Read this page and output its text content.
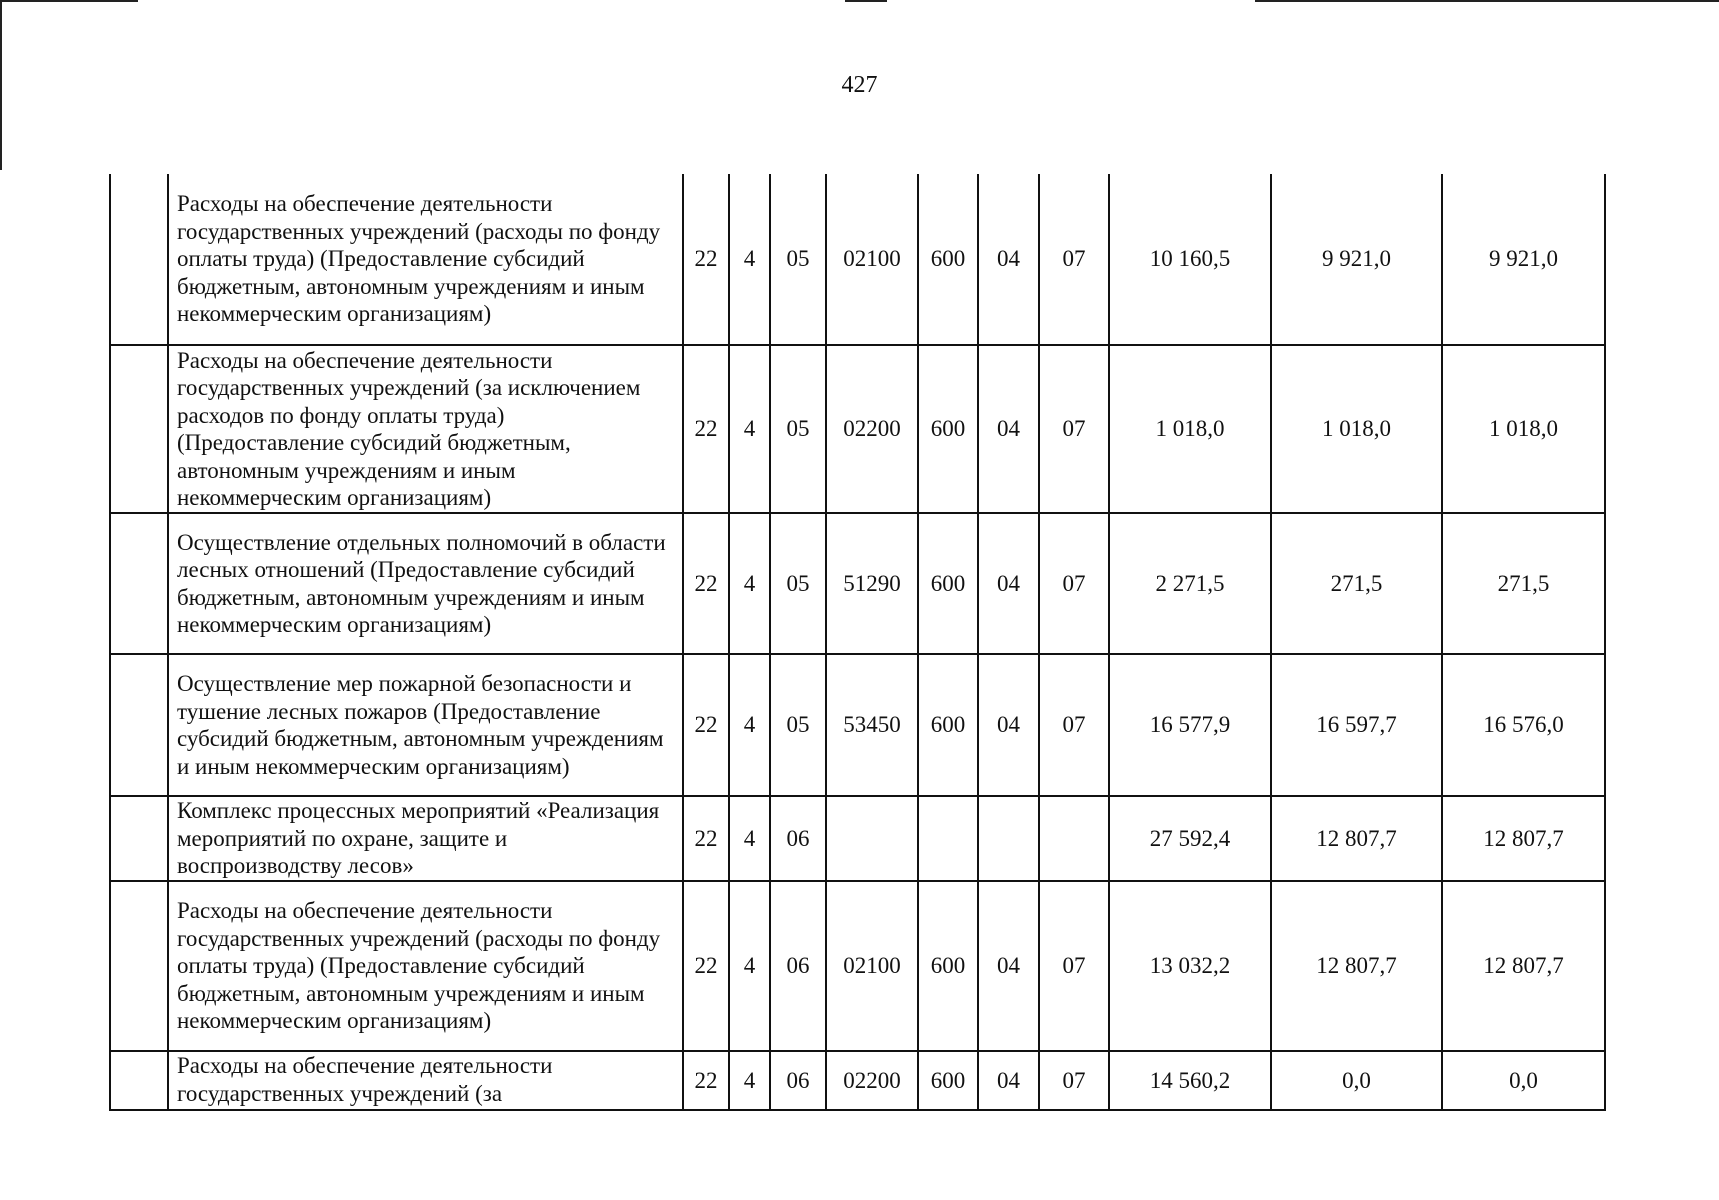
427
	Расходы на обеспечение деятельности государственных учреждений (расходы по фонду оплаты труда) (Предоставление субсидий бюджетным, автономным учреждениям и иным некоммерческим организациям)	22	4	05	02100	600	04	07	10 160,5	9 921,0	9 921,0
	Расходы на обеспечение деятельности государственных учреждений (за исключением расходов по фонду оплаты труда) (Предоставление субсидий бюджетным, автономным учреждениям и иным некоммерческим организациям)	22	4	05	02200	600	04	07	1 018,0	1 018,0	1 018,0
	Осуществление отдельных полномочий в области лесных отношений (Предоставление субсидий бюджетным, автономным учреждениям и иным некоммерческим организациям)	22	4	05	51290	600	04	07	2 271,5	271,5	271,5
	Осуществление мер пожарной безопасности и тушение лесных пожаров (Предоставление субсидий бюджетным, автономным учреждениям и иным некоммерческим организациям)	22	4	05	53450	600	04	07	16 577,9	16 597,7	16 576,0
	Комплекс процессных мероприятий «Реализация мероприятий по охране, защите и воспроизводству лесов»	22	4	06					27 592,4	12 807,7	12 807,7
	Расходы на обеспечение деятельности государственных учреждений (расходы по фонду оплаты труда) (Предоставление субсидий бюджетным, автономным учреждениям и иным некоммерческим организациям)	22	4	06	02100	600	04	07	13 032,2	12 807,7	12 807,7
	Расходы на обеспечение деятельности государственных учреждений (за	22	4	06	02200	600	04	07	14 560,2	0,0	0,0
